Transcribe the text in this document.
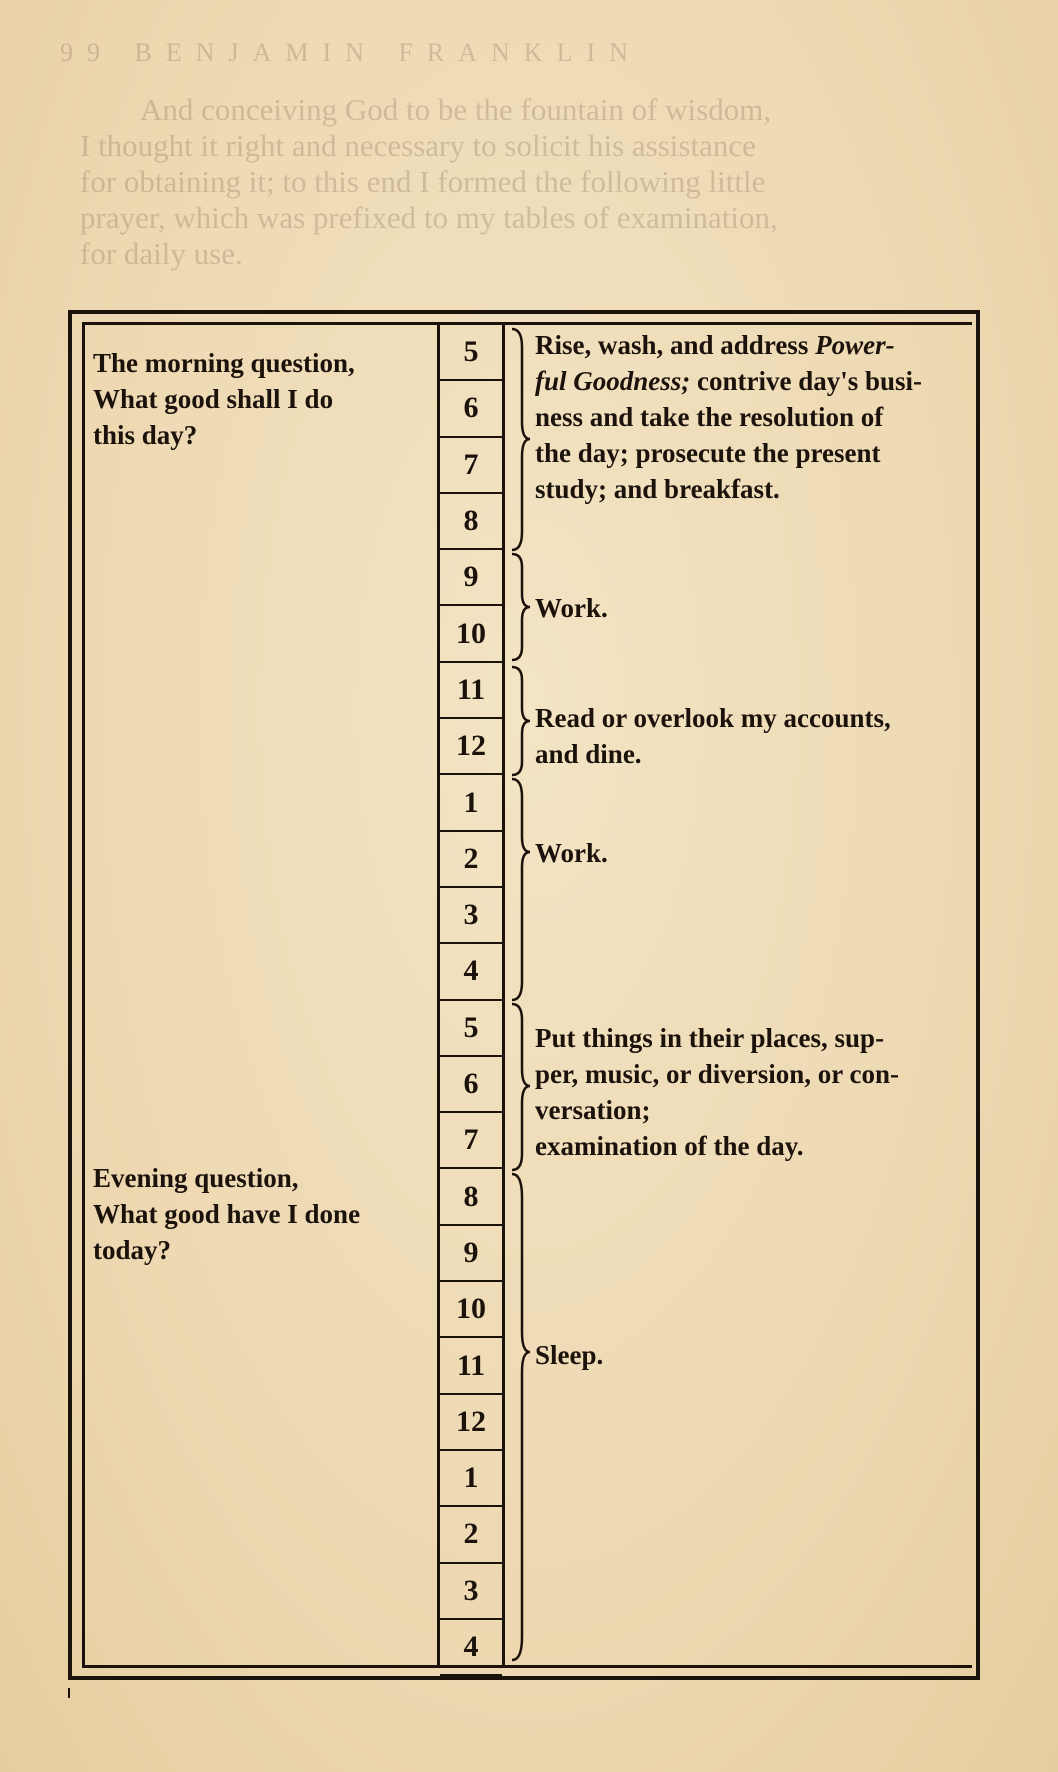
99 BENJAMIN FRANKLIN
And conceiving God to be the fountain of wisdom,
I thought it right and necessary to solicit his assistance
for obtaining it; to this end I formed the following little
prayer, which was prefixed to my tables of examination,
for daily use.
The morning question,
What good shall I do
this day?
Evening question,
What good have I done
today?
5
6
7
8
9
10
11
12
1
2
3
4
5
6
7
8
9
10
11
12
1
2
3
4
Rise, wash, and address Power-
ful Goodness; contrive day's busi-
ness and take the resolution of
the day; prosecute the present
study; and breakfast.
Work.
Read or overlook my accounts,
and dine.
Work.
Put things in their places, sup-
per, music, or diversion, or con-
versation;
examination of the day.
Sleep.
